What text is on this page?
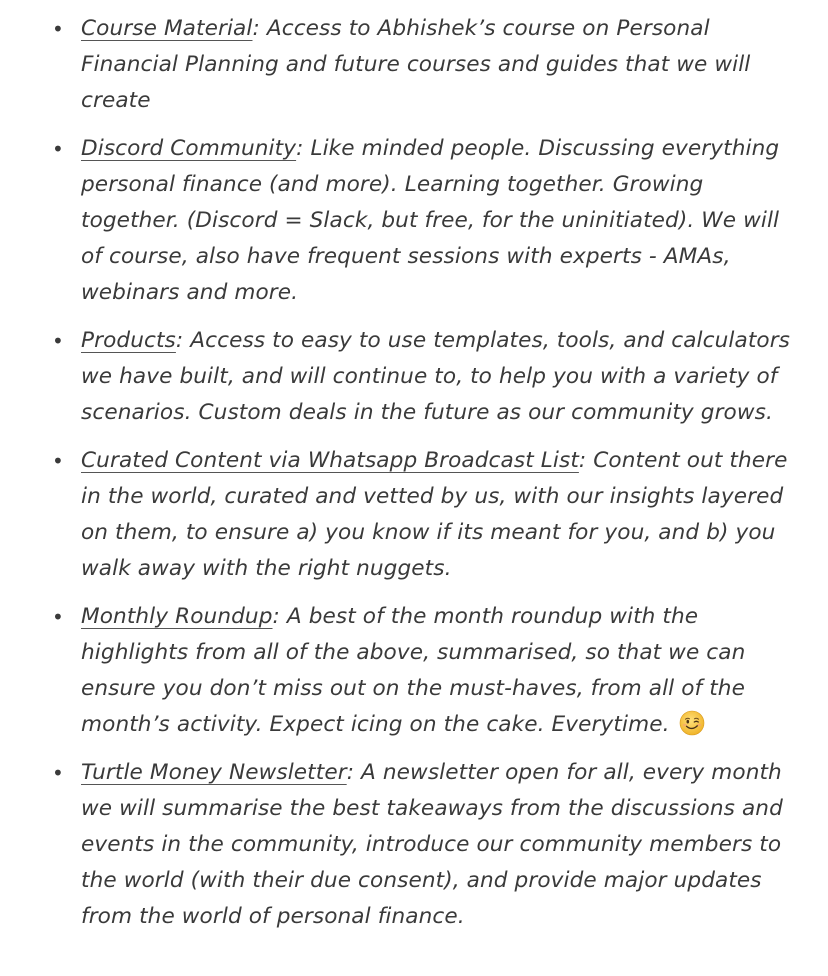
• Course Material: Access to Abhishek’s course on Personal Financial Planning and future courses and guides that we will create
• Discord Community: Like minded people. Discussing everything personal finance (and more). Learning together. Growing together. (Discord = Slack, but free, for the uninitiated). We will of course, also have frequent sessions with experts - AMAs, webinars and more.
• Products: Access to easy to use templates, tools, and calculators we have built, and will continue to, to help you with a variety of scenarios. Custom deals in the future as our community grows.
• Curated Content via Whatsapp Broadcast List: Content out there in the world, curated and vetted by us, with our insights layered on them, to ensure a) you know if its meant for you, and b) you walk away with the right nuggets.
• Monthly Roundup: A best of the month roundup with the highlights from all of the above, summarised, so that we can ensure you don’t miss out on the must-haves, from all of the month’s activity. Expect icing on the cake. Everytime.
• Turtle Money Newsletter: A newsletter open for all, every month we will summarise the best takeaways from the discussions and events in the community, introduce our community members to the world (with their due consent), and provide major updates from the world of personal finance.
